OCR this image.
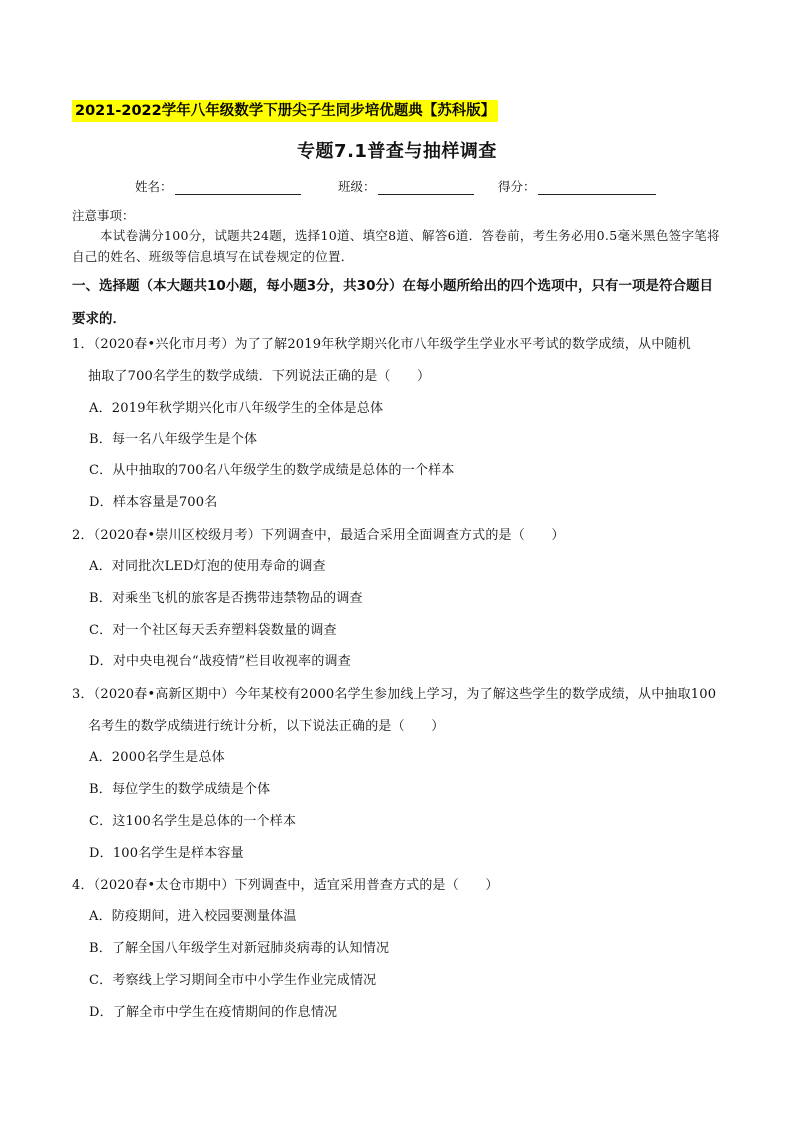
2021-2022学年八年级数学下册尖子生同步培优题典【苏科版】
专题7.1普查与抽样调查
姓名：	班级：	得分：
注意事项：
本试卷满分100分，试题共24题，选择10道、填空8道、解答6道．答卷前，考生务必用0.5毫米黑色签字笔将自己的姓名、班级等信息填写在试卷规定的位置．
一、选择题（本大题共10小题，每小题3分，共30分）在每小题所给出的四个选项中，只有一项是符合题目要求的．
1．（2020春•兴化市月考）为了了解2019年秋学期兴化市八年级学生学业水平考试的数学成绩，从中随机
抽取了700名学生的数学成绩．下列说法正确的是（　　）
A．2019年秋学期兴化市八年级学生的全体是总体
B．每一名八年级学生是个体
C．从中抽取的700名八年级学生的数学成绩是总体的一个样本
D．样本容量是700名
2．（2020春•崇川区校级月考）下列调查中，最适合采用全面调查方式的是（　　）
A．对同批次LED灯泡的使用寿命的调查
B．对乘坐飞机的旅客是否携带违禁物品的调查
C．对一个社区每天丢弃塑料袋数量的调查
D．对中央电视台“战疫情”栏目收视率的调查
3．（2020春•高新区期中）今年某校有2000名学生参加线上学习，为了解这些学生的数学成绩，从中抽取100
名考生的数学成绩进行统计分析，以下说法正确的是（　　）
A．2000名学生是总体
B．每位学生的数学成绩是个体
C．这100名学生是总体的一个样本
D．100名学生是样本容量
4．（2020春•太仓市期中）下列调查中，适宜采用普查方式的是（　　）
A．防疫期间，进入校园要测量体温
B．了解全国八年级学生对新冠肺炎病毒的认知情况
C．考察线上学习期间全市中小学生作业完成情况
D．了解全市中学生在疫情期间的作息情况
